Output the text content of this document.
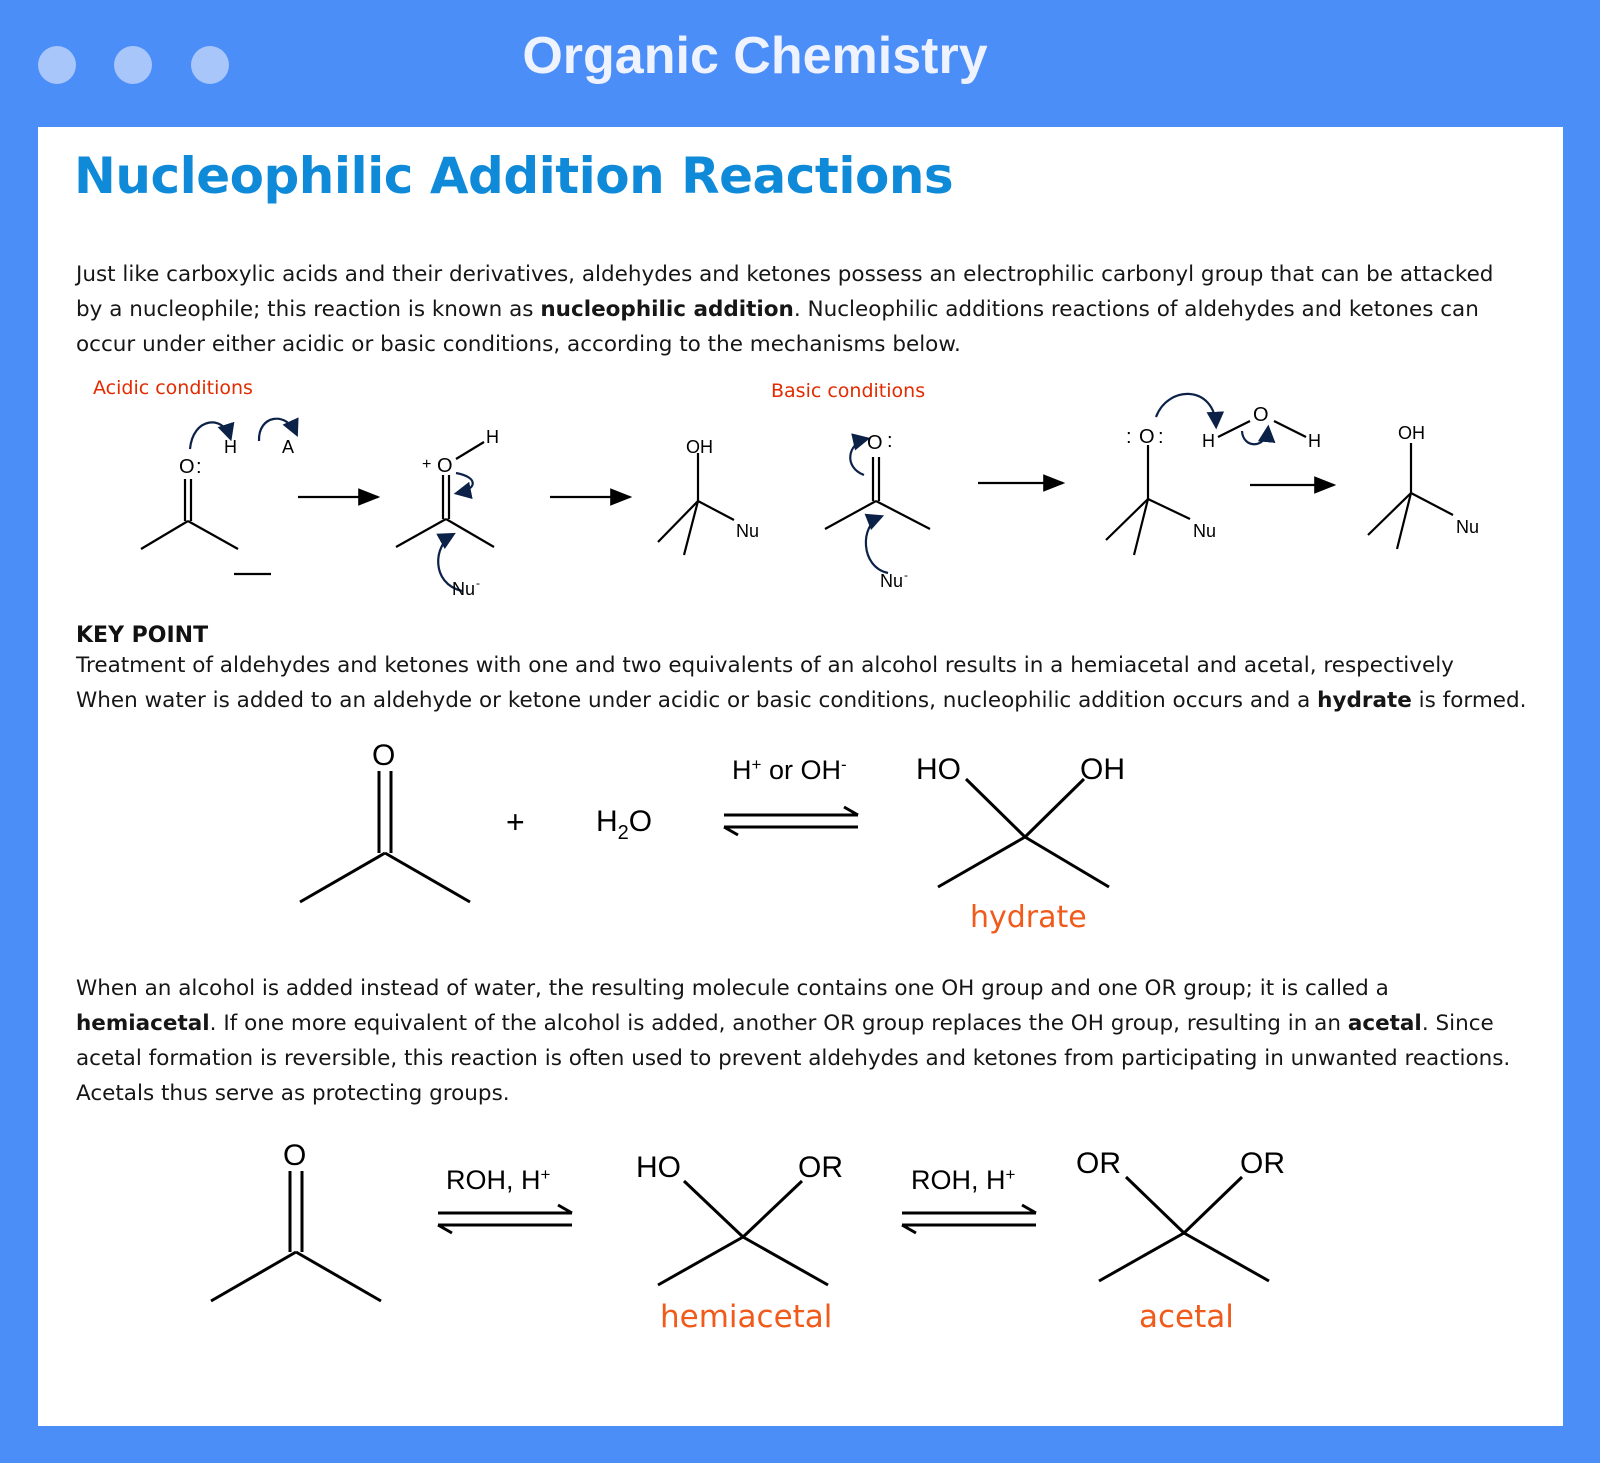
Organic Chemistry
Nucleophilic Addition Reactions

Just like carboxylic acids and their derivatives, aldehydes and ketones possess an electrophilic carbonyl group that can be attacked by a nucleophile; this reaction is known as nucleophilic addition. Nucleophilic additions reactions of aldehydes and ketones can occur under either acidic or basic conditions, according to the mechanisms below.

Acidic conditions	Basic conditions
O :
H	A
+ O
H
Nu -
OH
Nu
O :
Nu -
: O :
Nu
H
O
H	OH
Nu
KEY POINT
Treatment of aldehydes and ketones with one and two equivalents of an alcohol results in a hemiacetal and acetal, respectively
When water is added to an aldehyde or ketone under acidic or basic conditions, nucleophilic addition occurs and a hydrate is formed.
O
+ $H_2O$
H+ or OH- HO	OH
hydrate

When an alcohol is added instead of water, the resulting molecule contains one OH group and one OR group; it is called a hemiacetal. If one more equivalent of the alcohol is added, another OR group replaces the OH group, resulting in an acetal. Since acetal formation is reversible, this reaction is often used to prevent aldehydes and ketones from participating in unwanted reactions. Acetals thus serve as protecting groups.

O
ROH, H+	HO	OR
hemiacetal
ROH, H+ OR	OR
acetal
